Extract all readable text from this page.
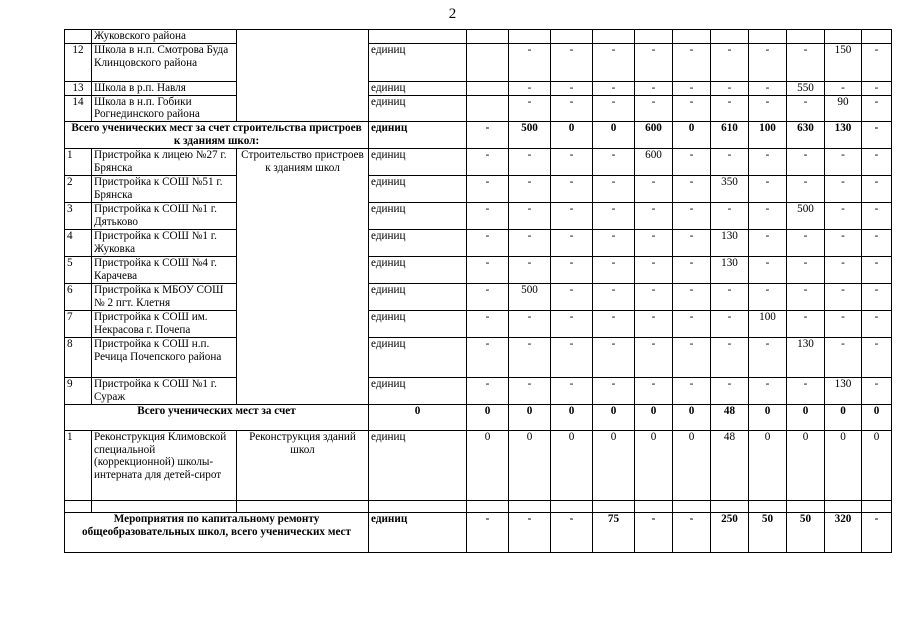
2
	Жуковского района													
12	Школа в н.п. Смотрова Буда Клинцовского района		единиц		-	-	-	-	-	-	-	-	150	-
13	Школа в р.п. Навля		единиц		-	-	-	-	-	-	-	550	-	-
14	Школа в н.п. Гобики Рогнединского района		единиц		-	-	-	-	-	-	-	-	90	-
Всего ученических мест за счет строительства пристроев к зданиям школ:			единиц	-	500	0	0	600	0	610	100	630	130	-
1	Пристройка к лицею №27 г. Брянска	Строительство пристроев к зданиям школ	единиц	-	-	-	-	600	-	-	-	-	-	-
2	Пристройка к СОШ №51 г. Брянска		единиц	-	-	-	-	-	-	350	-	-	-	-
3	Пристройка к СОШ №1 г. Дятьково		единиц	-	-	-	-	-	-	-	-	500	-	-
4	Пристройка к СОШ №1 г. Жуковка		единиц	-	-	-	-	-	-	130	-	-	-	-
5	Пристройка к СОШ №4 г. Карачева		единиц	-	-	-	-	-	-	130	-	-	-	-
6	Пристройка к МБОУ СОШ № 2 пгт. Клетня		единиц	-	500	-	-	-	-	-	-	-	-	-
7	Пристройка к СОШ им. Некрасова г. Почепа		единиц	-	-	-	-	-	-	-	100	-	-	-
8	Пристройка к СОШ н.п. Речица Почепского района		единиц	-	-	-	-	-	-	-	-	130	-	-
9	Пристройка к СОШ №1 г. Сураж		единиц	-	-	-	-	-	-	-	-	-	130	-
Всего ученических мест за счет			0	0	0	0	0	0	0	48	0	0	0	0
1	Реконструкция Климовской специальной (коррекционной) школы-интерната для детей-сирот	Реконструкция зданий школ	единиц	0	0	0	0	0	0	48	0	0	0	0

Мероприятия по капитальному ремонту общеобразовательных школ, всего ученических мест			единиц	-	-	-	75	-	-	250	50	50	320	-
